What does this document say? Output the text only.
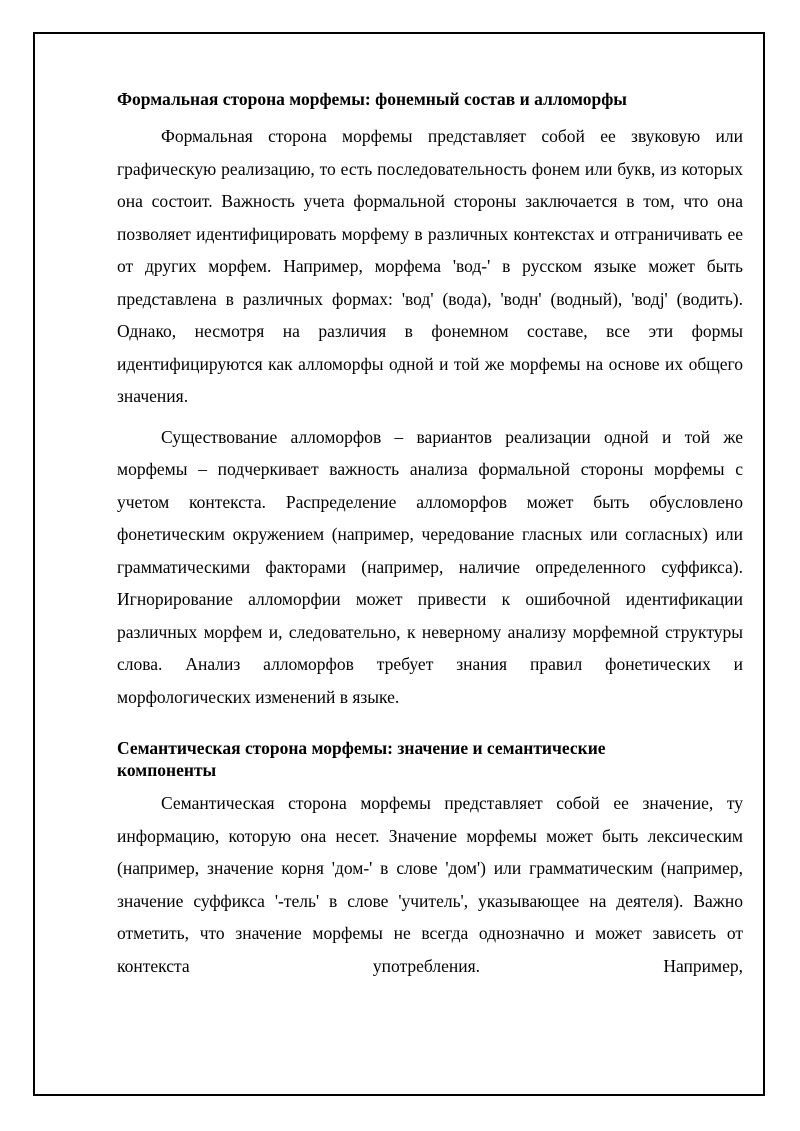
Формальная сторона морфемы: фонемный состав и алломорфы

Формальная сторона морфемы представляет собой ее звуковую или графическую реализацию, то есть последовательность фонем или букв, из которых она состоит. Важность учета формальной стороны заключается в том, что она позволяет идентифицировать морфему в различных контекстах и отграничивать ее от других морфем. Например, морфема 'вод-' в русском языке может быть представлена в различных формах: 'вод' (вода), 'водн' (водный), 'водj' (водить). Однако, несмотря на различия в фонемном составе, все эти формы идентифицируются как алломорфы одной и той же морфемы на основе их общего значения.

Существование алломорфов – вариантов реализации одной и той же морфемы – подчеркивает важность анализа формальной стороны морфемы с учетом контекста. Распределение алломорфов может быть обусловлено фонетическим окружением (например, чередование гласных или согласных) или грамматическими факторами (например, наличие определенного суффикса). Игнорирование алломорфии может привести к ошибочной идентификации различных морфем и, следовательно, к неверному анализу морфемной структуры слова. Анализ алломорфов требует знания правил фонетических и морфологических изменений в языке.

Семантическая сторона морфемы: значение и семантические компоненты

Семантическая сторона морфемы представляет собой ее значение, ту информацию, которую она несет. Значение морфемы может быть лексическим (например, значение корня 'дом-' в слове 'дом') или грамматическим (например, значение суффикса '-тель' в слове 'учитель', указывающее на деятеля). Важно отметить, что значение морфемы не всегда однозначно и может зависеть от контекста употребления. Например,
